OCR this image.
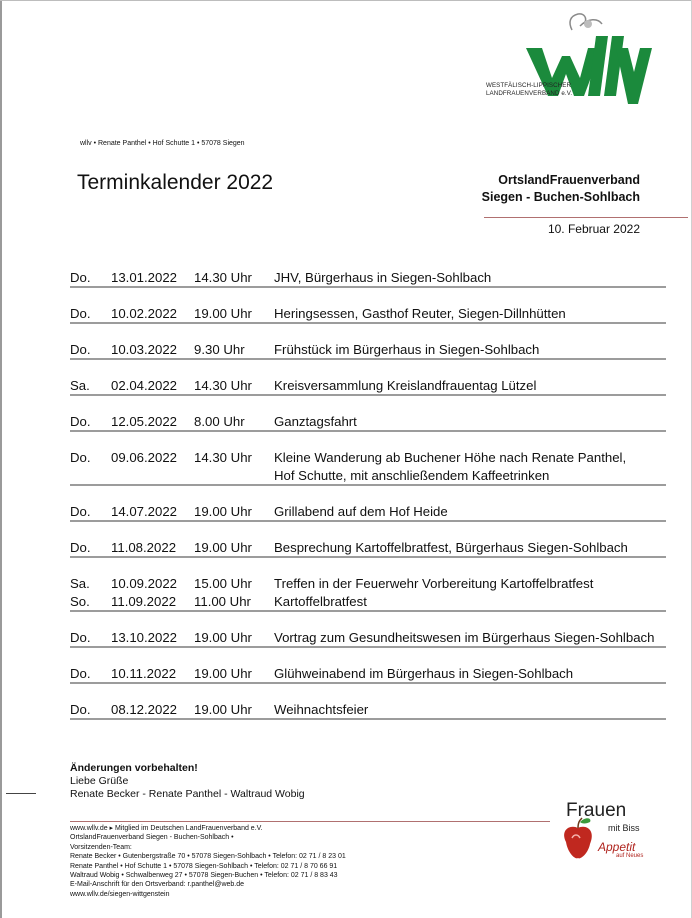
WESTFÄLISCH-LIPPISCHER
LANDFRAUENVERBAND e.V.
wllv • Renate Panthel • Hof Schutte 1 • 57078 Siegen
Terminkalender 2022	OrtslandFrauenverband
Siegen - Buchen-Sohlbach
10. Februar 2022
Do. 13.01.2022 14.30 Uhr JHV, Bürgerhaus in Siegen-Sohlbach
Do. 10.02.2022 19.00 Uhr Heringsessen, Gasthof Reuter, Siegen-Dillnhütten
Do. 10.03.2022 9.30 Uhr Frühstück im Bürgerhaus in Siegen-Sohlbach
Sa. 02.04.2022 14.30 Uhr Kreisversammlung Kreislandfrauentag Lützel
Do. 12.05.2022 8.00 Uhr Ganztagsfahrt
Do. 09.06.2022 14.30 Uhr Kleine Wanderung ab Buchener Höhe nach Renate Panthel,
Hof Schutte, mit anschließendem Kaffeetrinken
Do. 14.07.2022 19.00 Uhr Grillabend auf dem Hof Heide
Do. 11.08.2022 19.00 Uhr Besprechung Kartoffelbratfest, Bürgerhaus Siegen-Sohlbach
Sa. 10.09.2022 15.00 Uhr Treffen in der Feuerwehr Vorbereitung Kartoffelbratfest
So. 11.09.2022 11.00 Uhr Kartoffelbratfest
Do. 13.10.2022 19.00 Uhr Vortrag zum Gesundheitswesen im Bürgerhaus Siegen-Sohlbach
Do. 10.11.2022 19.00 Uhr Glühweinabend im Bürgerhaus in Siegen-Sohlbach
Do. 08.12.2022 19.00 Uhr Weihnachtsfeier
Änderungen vorbehalten!
Liebe Grüße
Renate Becker - Renate Panthel - Waltraud Wobig
www.wllv.de ▸ Mitglied im Deutschen LandFrauenverband e.V.
OrtslandFrauenverband Siegen - Buchen-Sohlbach •
Vorsitzenden-Team:
Renate Becker • Gutenbergstraße 70 • 57078 Siegen-Sohlbach • Telefon: 02 71 / 8 23 01
Renate Panthel • Hof Schutte 1 • 57078 Siegen-Sohlbach • Telefon: 02 71 / 8 70 66 91
Waltraud Wobig • Schwalbenweg 27 • 57078 Siegen-Buchen • Telefon: 02 71 / 8 83 43
E-Mail-Anschrift für den Ortsverband: r.panthel@web.de
www.wllv.de/siegen-wittgenstein
Frauen
mit Biss
Appetit
auf Neues
